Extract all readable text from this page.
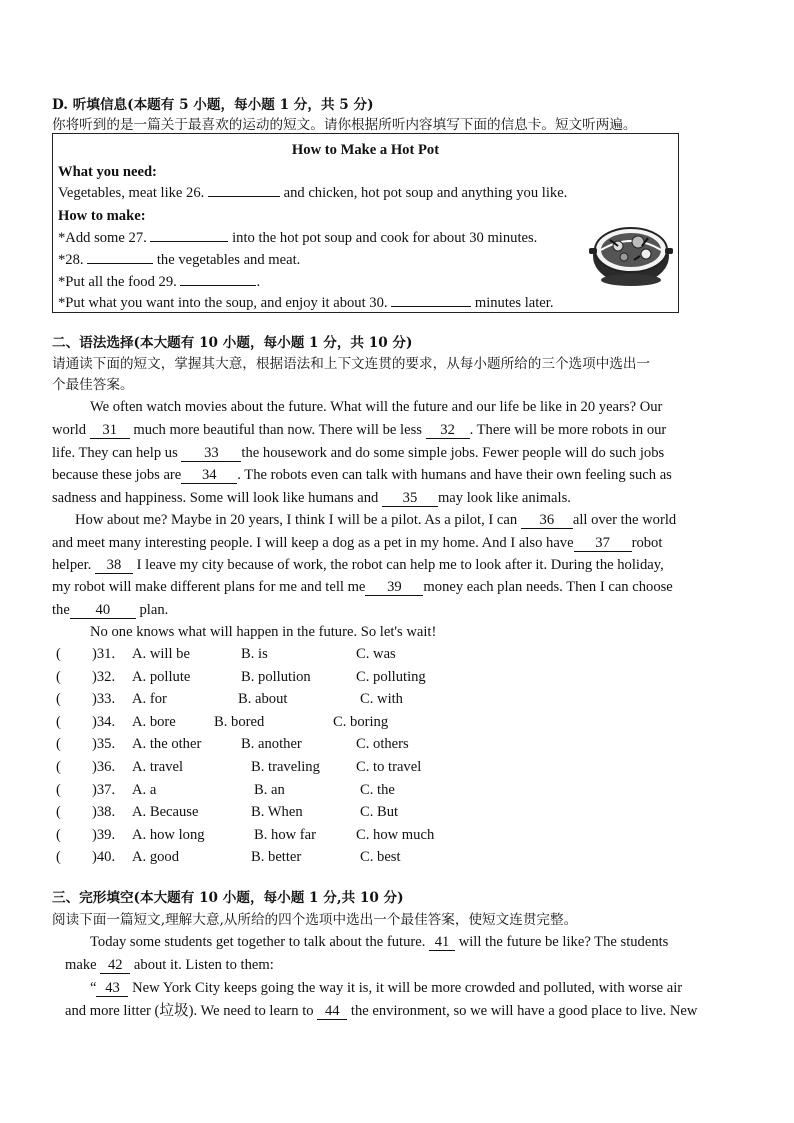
D. 听填信息(本题有 5 小题，每小题 1 分，共 5 分)
你将听到的是一篇关于最喜欢的运动的短文。请你根据所听内容填写下面的信息卡。短文听两遍。
How to Make a Hot Pot
What you need:
Vegetables, meat like 26.	and chicken, hot pot soup and anything you like.
How to make:
*Add some 27.	into the hot pot soup and cook for about 30 minutes.
*28.	the vegetables and meat.
*Put all the food 29.	.
*Put what you want into the soup, and enjoy it about 30.	minutes later.
二、语法选择(本大题有 10 小题，每小题 1 分，共 10 分)
请通读下面的短文，掌握其大意，根据语法和上下文连贯的要求，从每小题所给的三个选项中选出一
个最佳答案。
We often watch movies about the future. What will the future and our life be like in 20 years? Our
world 31 much more beautiful than now. There will be less 32 . There will be more robots in our
life. They can help us 33 the housework and do some simple jobs. Fewer people will do such jobs
because these jobs are 34 . The robots even can talk with humans and have their own feeling such as
sadness and happiness. Some will look like humans and 35 may look like animals.
How about me? Maybe in 20 years, I think I will be a pilot. As a pilot, I can 36 all over the world
and meet many interesting people. I will keep a dog as a pet in my home. And I also have 37 robot
helper. 38 I leave my city because of work, the robot can help me to look after it. During the holiday,
my robot will make different plans for me and tell me 39 money each plan needs. Then I can choose
the 40 plan.
No one knows what will happen in the future. So let's wait!
( )31. A. will be	B. is	C. was
( )32. A. pollute	B. pollution	C. polluting
( )33. A. for	B. about	C. with
( )34. A. bore	B. bored	C. boring
( )35. A. the other	B. another	C. others
( )36. A. travel	B. traveling C. to travel
( )37. A. a	B. an	C. the
( )38. A. Because	B. When	C. But
( )39. A. how long	B. how far	C. how much
( )40. A. good	B. better	C. best
三、完形填空(本大题有 10 小题，每小题 1 分,共 10 分)
阅读下面一篇短文,理解大意,从所给的四个选项中选出一个最佳答案，使短文连贯完整。
Today some students get together to talk about the future. 41 will the future be like? The students
make 42 about it. Listen to them:
“ 43 New York City keeps going the way it is, it will be more crowded and polluted, with worse air
and more litter (垃圾). We need to learn to 44 the environment, so we will have a good place to live. New
